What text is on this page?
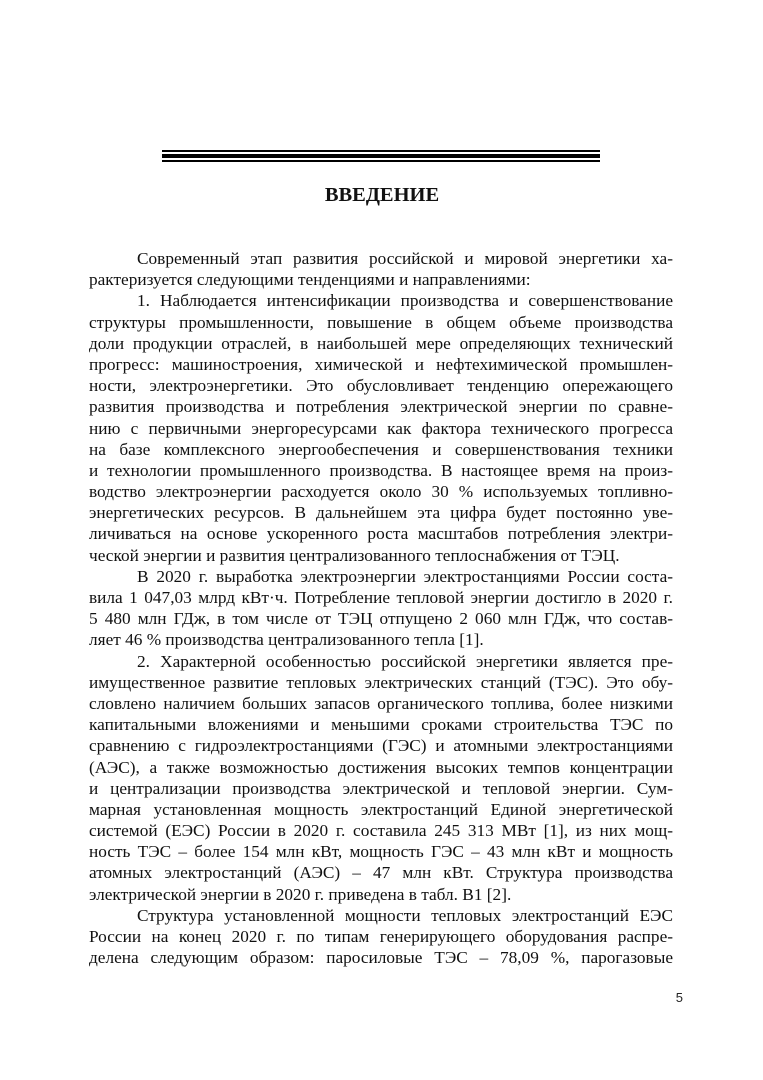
ВВЕДЕНИЕ
Современный этап развития российской и мировой энергетики ха-
рактеризуется следующими тенденциями и направлениями:
1. Наблюдается интенсификации производства и совершенствование
структуры промышленности, повышение в общем объеме производства
доли продукции отраслей, в наибольшей мере определяющих технический
прогресс: машиностроения, химической и нефтехимической промышлен-
ности, электроэнергетики. Это обусловливает тенденцию опережающего
развития производства и потребления электрической энергии по сравне-
нию с первичными энергоресурсами как фактора технического прогресса
на базе комплексного энергообеспечения и совершенствования техники
и технологии промышленного производства. В настоящее время на произ-
водство электроэнергии расходуется около 30 % используемых топливно-
энергетических ресурсов. В дальнейшем эта цифра будет постоянно уве-
личиваться на основе ускоренного роста масштабов потребления электри-
ческой энергии и развития централизованного теплоснабжения от ТЭЦ.
В 2020 г. выработка электроэнергии электростанциями России соста-
вила 1 047,03 млрд кВт·ч. Потребление тепловой энергии достигло в 2020 г.
5 480 млн ГДж, в том числе от ТЭЦ отпущено 2 060 млн ГДж, что состав-
ляет 46 % производства централизованного тепла [1].
2. Характерной особенностью российской энергетики является пре-
имущественное развитие тепловых электрических станций (ТЭС). Это обу-
словлено наличием больших запасов органического топлива, более низкими
капитальными вложениями и меньшими сроками строительства ТЭС по
сравнению с гидроэлектростанциями (ГЭС) и атомными электростанциями
(АЭС), а также возможностью достижения высоких темпов концентрации
и централизации производства электрической и тепловой энергии. Сум-
марная установленная мощность электростанций Единой энергетической
системой (ЕЭС) России в 2020 г. составила 245 313 МВт [1], из них мощ-
ность ТЭС – более 154 млн кВт, мощность ГЭС – 43 млн кВт и мощность
атомных электростанций (АЭС) – 47 млн кВт. Структура производства
электрической энергии в 2020 г. приведена в табл. В1 [2].
Структура установленной мощности тепловых электростанций ЕЭС
России на конец 2020 г. по типам генерирующего оборудования распре-
делена следующим образом: паросиловые ТЭС – 78,09 %, парогазовые
5
